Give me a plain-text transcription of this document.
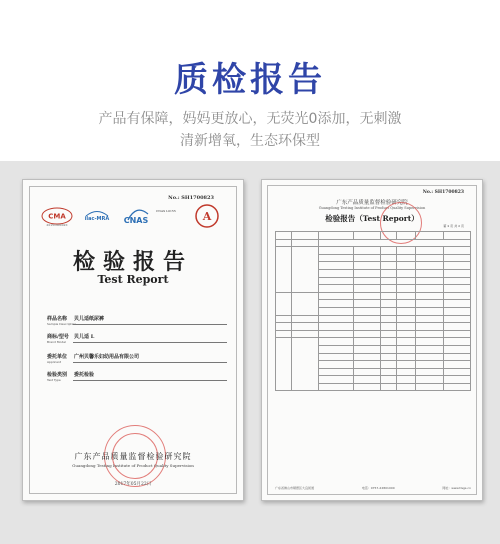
质检报告
产品有保障，妈妈更放心，无荧光0添加，无刺激
清新增氧，生态环保型
No.: SH1700823
CMA
2015190002X
ilac-MRA CNAS
CNAS L0155 A
检验报告
Test Report
样品名称
Sample Description
贝儿适纸尿裤
商标/型号
Brand Model
贝儿适 L
委托单位
Applicant
广州贝馨乐妇幼用品有限公司
检验类别
Test Type
委托检验
广东产品质量监督检验研究院
Guangdong Testing Institute of Product Quality Supervision
2017年05月22日
No.: SH1700823
广东产品质量监督检验研究院
Guangdong Testing Institute of Product Quality Supervision
检验报告（Test Report）
第 2 页 共 2 页

广东省佛山市顺德区大良街道	电话：0757-22801000	网址：www.tlsgs.cn
